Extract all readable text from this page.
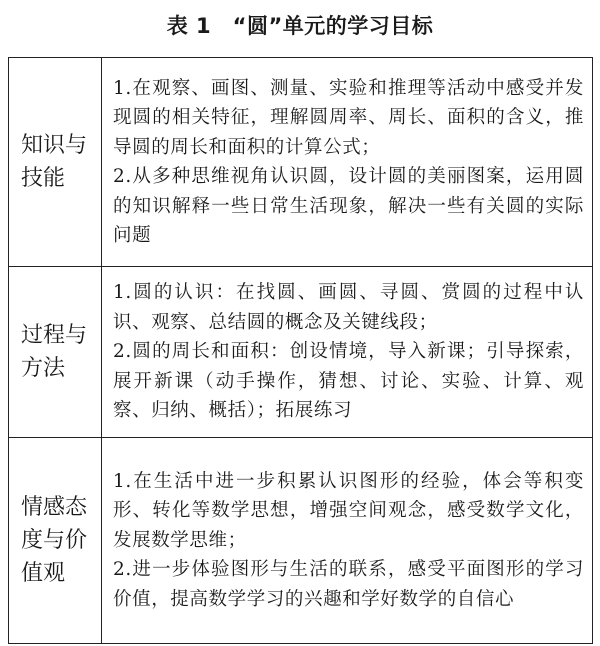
表 1　“圆”单元的学习目标
知识与技能	1.在观察、画图、测量、实验和推理等活动中感受并发现圆的相关特征，理解圆周率、周长、面积的含义，推导圆的周长和面积的计算公式；
2.从多种思维视角认识圆，设计圆的美丽图案，运用圆的知识解释一些日常生活现象，解决一些有关圆的实际问题

过程与方法	1.圆的认识：在找圆、画圆、寻圆、赏圆的过程中认识、观察、总结圆的概念及关键线段；
2.圆的周长和面积：创设情境，导入新课；引导探索，展开新课（动手操作，猜想、讨论、实验、计算、观察、归纳、概括）；拓展练习

情感态度与价值观	1.在生活中进一步积累认识图形的经验，体会等积变形、转化等数学思想，增强空间观念，感受数学文化，发展数学思维；
2.进一步体验图形与生活的联系，感受平面图形的学习价值，提高数学学习的兴趣和学好数学的自信心
